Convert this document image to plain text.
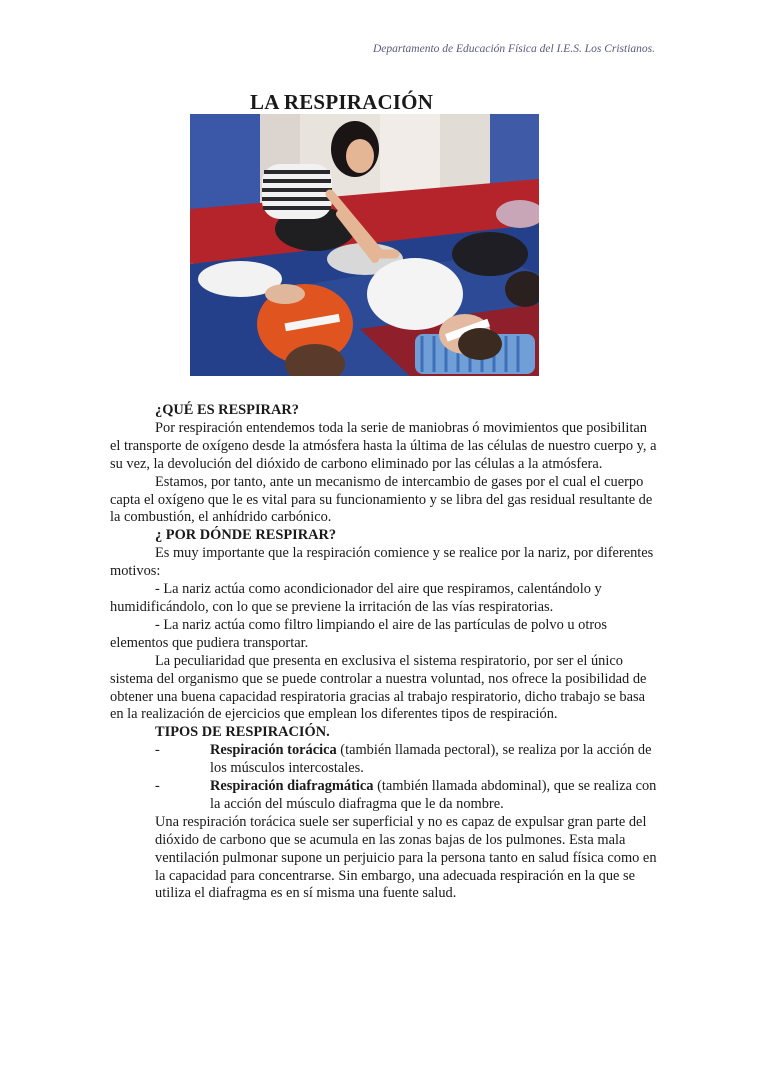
Departamento de Educación Física del I.E.S. Los Cristianos.
LA RESPIRACIÓN

¿QUÉ ES RESPIRAR?

Por respiración entendemos toda la serie de maniobras ó movimientos que posibilitan el transporte de oxígeno desde la atmósfera hasta la última de las células de nuestro cuerpo y, a su vez, la devolución del dióxido de carbono eliminado por las células a la atmósfera.

Estamos, por tanto, ante un mecanismo de intercambio de gases por el cual el cuerpo capta el oxígeno que le es vital para su funcionamiento y se libra del gas residual resultante de la combustión, el anhídrido carbónico.

¿ POR DÓNDE RESPIRAR?

Es muy importante que la respiración comience y se realice por la nariz, por diferentes motivos:

- La nariz actúa como acondicionador del aire que respiramos, calentándolo y humidificándolo, con lo que se previene la irritación de las vías respiratorias.

- La nariz actúa como filtro limpiando el aire de las partículas de polvo u otros elementos que pudiera transportar.

La peculiaridad que presenta en exclusiva el sistema respiratorio, por ser el único sistema del organismo que se puede controlar a nuestra voluntad, nos ofrece la posibilidad de obtener una buena capacidad respiratoria gracias al trabajo respiratorio, dicho trabajo se basa en la realización de ejercicios que emplean los diferentes tipos de respiración.

TIPOS DE RESPIRACIÓN.

-	Respiración torácica (también llamada pectoral), se realiza por la acción de los músculos intercostales.

-	Respiración diafragmática (también llamada abdominal), que se realiza con la acción del músculo diafragma que le da nombre.

Una respiración torácica suele ser superficial y no es capaz de expulsar gran parte del dióxido de carbono que se acumula en las zonas bajas de los pulmones. Esta mala ventilación pulmonar supone un perjuicio para la persona tanto en salud física como en la capacidad para concentrarse. Sin embargo, una adecuada respiración en la que se utiliza el diafragma es en sí misma una fuente salud.
